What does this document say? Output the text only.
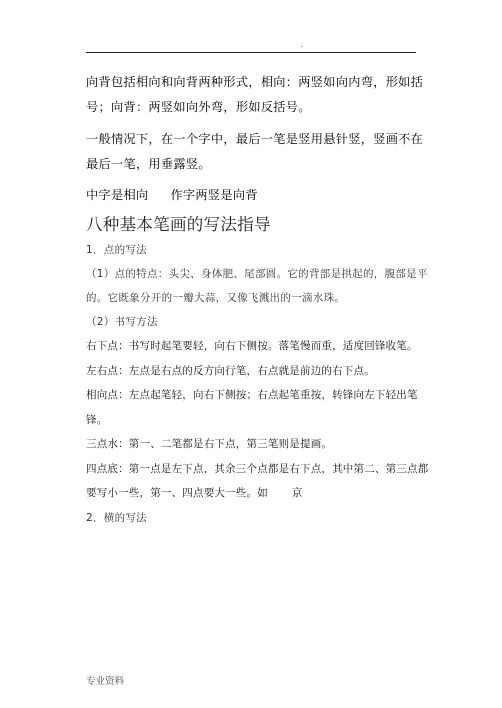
.

向背包括相向和向背两种形式，相向：两竖如向内弯，形如括号；向背：两竖如向外弯，形如反括号。

一般情况下，在一个字中，最后一笔是竖用悬针竖，竖画不在最后一笔，用垂露竖。

中字是相向 作字两竖是向背

八种基本笔画的写法指导

1．点的写法

（1）点的特点：头尖、身体肥、尾部圆。它的背部是拱起的，腹部是平的。它既象分开的一瓣大蒜，又像飞溅出的一滴水珠。

（2）书写方法

右下点：书写时起笔要轻，向右下侧按。落笔慢而重，适度回锋收笔。

左右点：左点是右点的反方向行笔，右点就是前边的右下点。

相向点：左点起笔轻，向右下侧按；右点起笔重按，转锋向左下轻出笔锋。

三点水：第一、二笔都是右下点，第三笔则是提画。

四点底：第一点是左下点，其余三个点都是右下点，其中第二、第三点都要写小一些，第一、四点要大一些。如 京

2．横的写法

专业资料
